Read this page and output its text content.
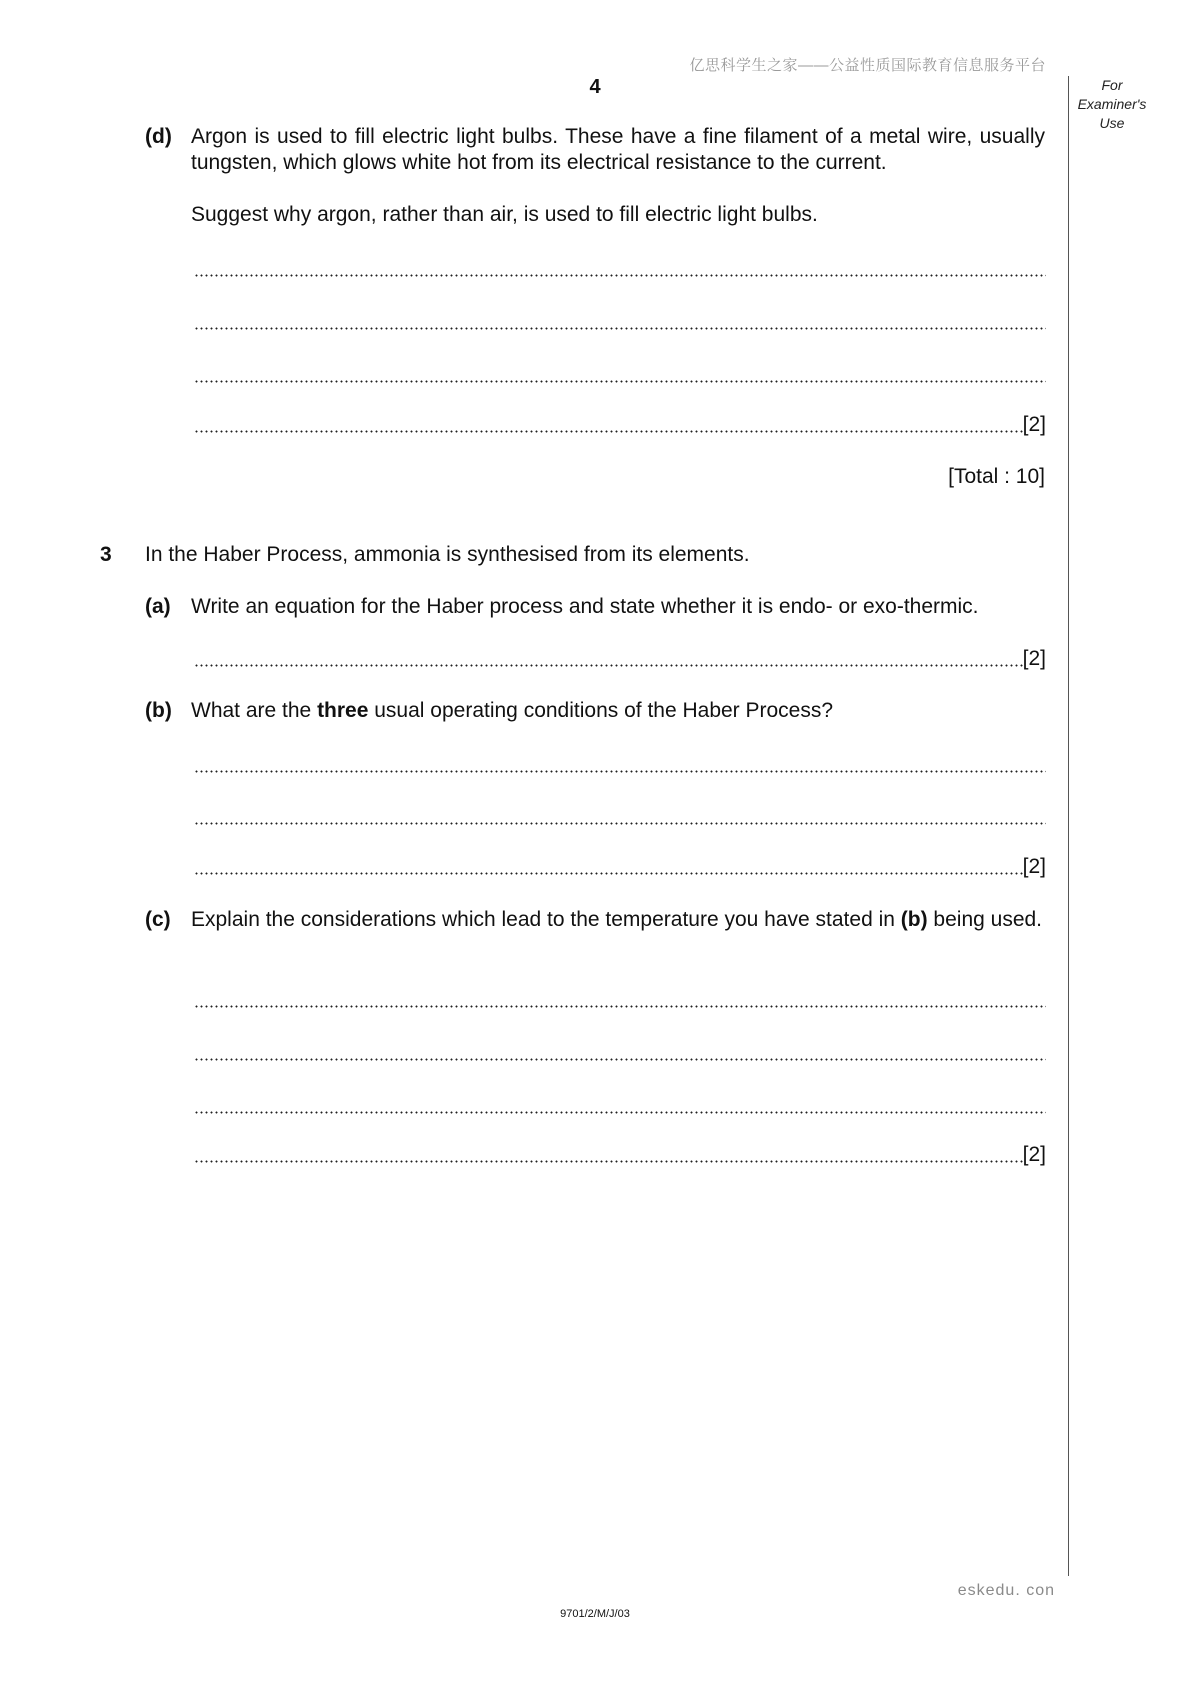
亿思科学生之家——公益性质国际教育信息服务平台
4	For
Examiner's
Use
(d) Argon is used to fill electric light bulbs. These have a fine filament of a metal wire, usually tungsten, which glows white hot from its electrical resistance to the current.
Suggest why argon, rather than air, is used to fill electric light bulbs.
[2]
[Total : 10]
3 In the Haber Process, ammonia is synthesised from its elements.
(a) Write an equation for the Haber process and state whether it is endo- or exo-thermic.
[2]
(b) What are the three usual operating conditions of the Haber Process?
[2]
(c) Explain the considerations which lead to the temperature you have stated in (b) being used.
[2]
eskedu. con
9701/2/M/J/03
